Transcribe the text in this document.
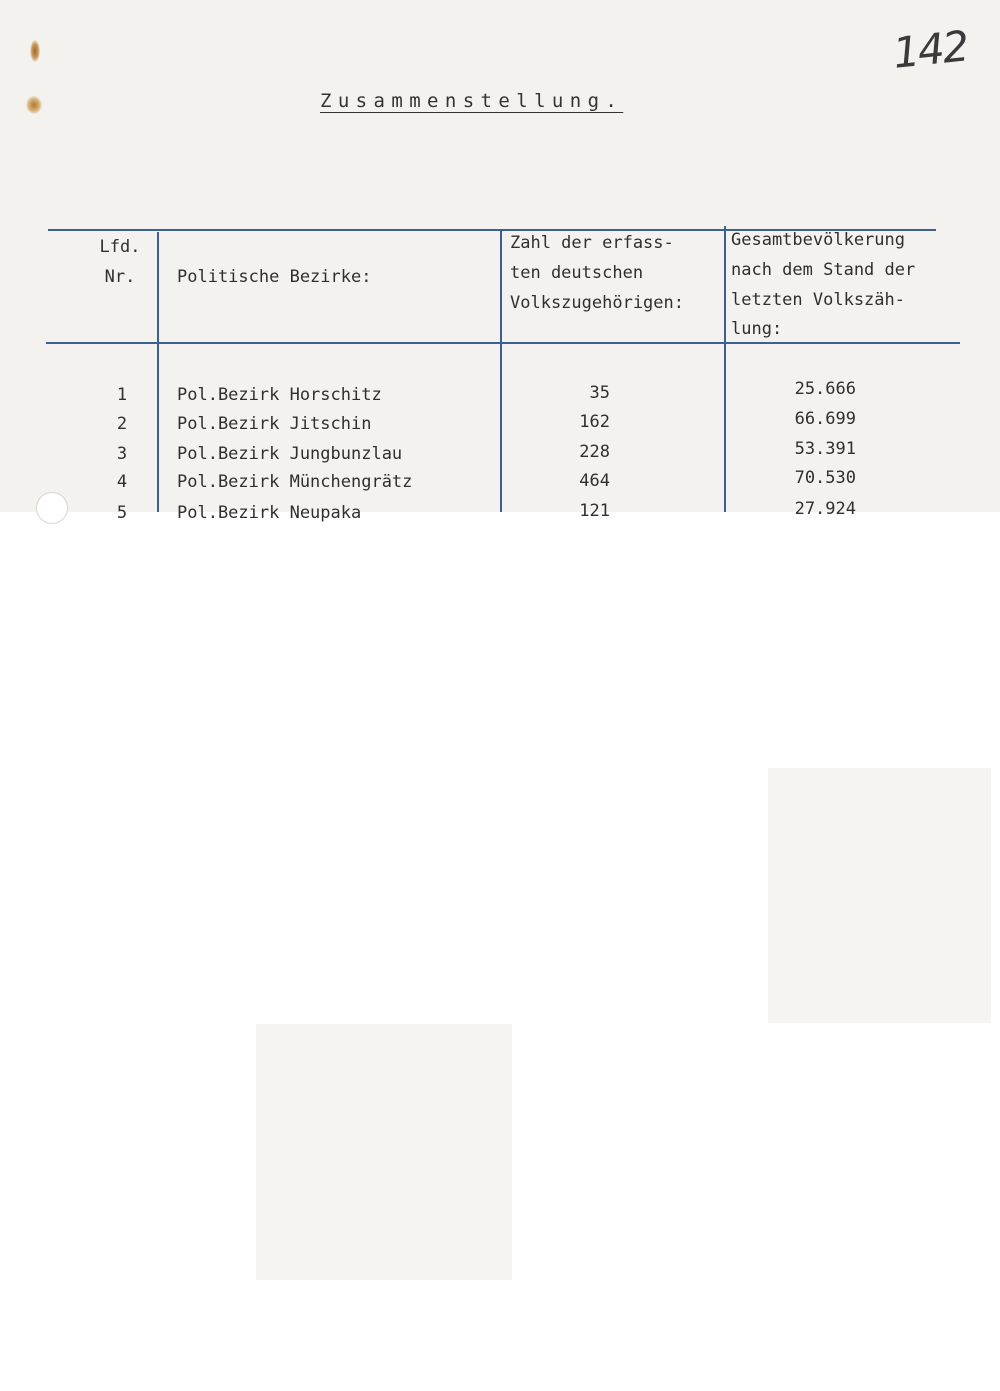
142
Zusammenstellung.
Lfd.
Nr.	Politische Bezirke:
Zahl der erfass-
ten deutschen
Volkszugehörigen:
Gesamtbevölkerung
nach dem Stand der
letzten Volkszäh-
lung:
1	Pol.Bezirk Horschitz	35	25.666
2	Pol.Bezirk Jitschin	162	66.699
3	Pol.Bezirk Jungbunzlau	228	53.391
4	Pol.Bezirk Münchengrätz	464	70.530
5	Pol.Bezirk Neupaka	121	27.924
